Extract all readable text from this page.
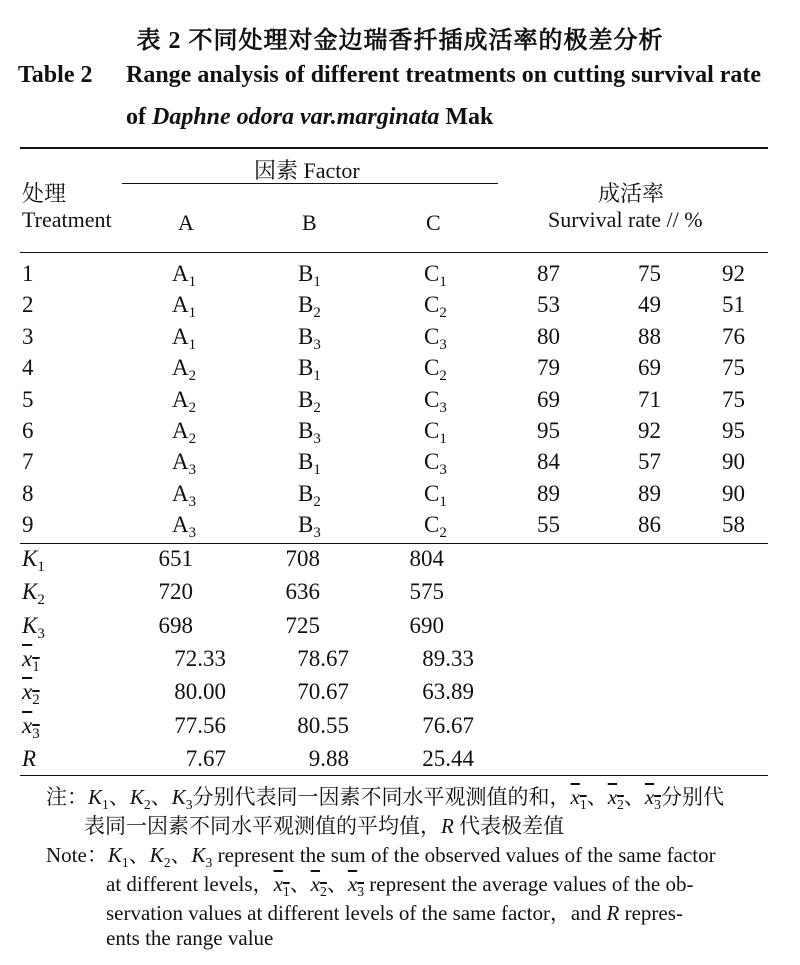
表 2 不同处理对金边瑞香扦插成活率的极差分析
Table 2 Range analysis of different treatments on cutting survival rate
of Daphne odora var.marginata Mak
处理
Treatment
因素 Factor
A	B	C
成活率
Survival rate // %
1	$A_1$	$B_1$	$C_1$	87	75	92
2	$A_1$	$B_2$	$C_2$	53	49	51
3	$A_1$	$B_3$	$C_3$	80	88	76
4	$A_2$	$B_1$	$C_2$	79	69	75
5	$A_2$	$B_2$	$C_3$	69	71	75
6	$A_2$	$B_3$	$C_1$	95	92	95
7	$A_3$	$B_1$	$C_3$	84	57	90
8	$A_3$	$B_2$	$C_1$	89	89	90
9	$A_3$	$B_3$	$C_2$	55	86	58
$K_1$	651	708	804
$K_2$	720	636	575
$K_3$	698	725	690
$x_1$	72.33	78.67	89.33
$x_2$	80.00	70.67	63.89
$x_3$	77.56	80.55	76.67
R	7.67	9.88	25.44
注：$K_1$、$K_2$、$K_3$分别代表同一因素不同水平观测值的和，$x_1$、$x_2$、$x_3$分别代
表同一因素不同水平观测值的平均值，R 代表极差值
Note：$K_1$、$K_2$、$K_3$ represent the sum of the observed values of the same factor
at different levels，$x_1$、$x_2$、$x_3$ represent the average values of the ob-
servation values at different levels of the same factor，and R repres-
ents the range value
